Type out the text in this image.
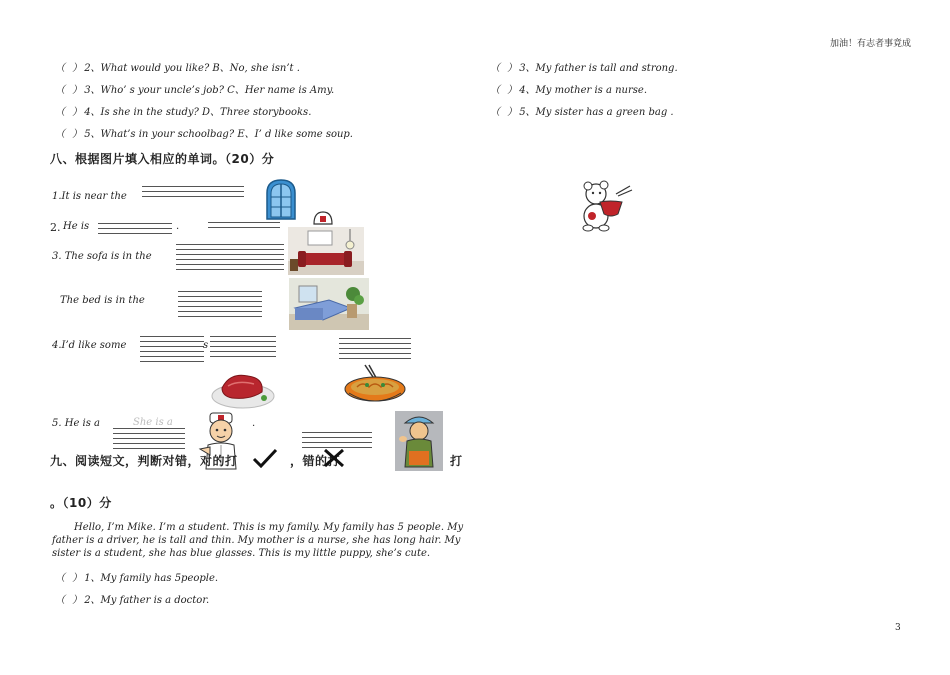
加油！有志者事竟成
（ ）2、What would you like? B、No, she isn’t .
（ ）3、Who’ s your uncle’s job? C、Her name is Amy.
（ ）4、Is she in the study? D、Three storybooks.
（ ）5、What’s in your schoolbag? E、I’ d like some soup.
（ ）3、My father is tall and strong.
（ ）4、My mother is a nurse.
（ ）5、My sister has a green bag .
八、根据图片填入相应的单词。（20）分
1.It is near the
2. He is	.
3. The sofa is in the
The bed is in the
4.I’d like some	s
5. He is a	She is a	.
九、阅读短文，判断对错，对的打	，错的打	打
。（10）分
Hello, I’m Mike. I’m a student. This is my family. My family has 5 people. My father is a driver, he is tall and thin. My mother is a nurse, she has long hair. My sister is a student, she has blue glasses. This is my little puppy, she’s cute.
（ ）1、My family has 5people.
（ ）2、My father is a doctor.
3
